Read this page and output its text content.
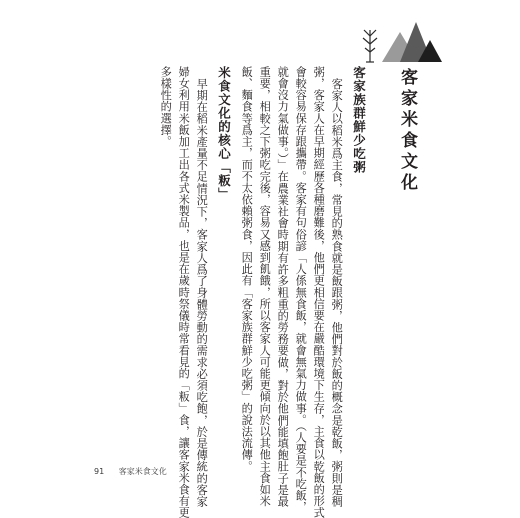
客家米食文化
客家族群鮮少吃粥
客家人以稻米爲主食，常見的熟食就是飯跟粥，他們對於飯的概念是乾飯，粥則是稠
粥，客家人在早期經歷各種磨難後，他們更相信要在嚴酷環境下生存，主食以乾飯的形式
會較容易保存跟攜帶。客家有句俗諺「人係無食飯，就會無氣力做事。（人要是不吃飯，
就會沒力氣做事。）」在農業社會時期有許多粗重的勞務要做，對於他們能填飽肚子是最
重要，相較之下粥吃完後，容易又感到飢餓，所以客家人可能更傾向於以其他主食如米
飯、麵食等爲主，而不太依賴粥食，因此有「客家族群鮮少吃粥」的說法流傳。
米食文化的核心「粄」
早期在稻米產量不足情況下，客家人爲了身體勞動的需求必須吃飽，於是傳統的客家
婦女利用米飯加工出各式米製品，也是在歲時祭儀時常看見的「粄」食，讓客家米食有更
多樣性的選擇。
91 客家米食文化
